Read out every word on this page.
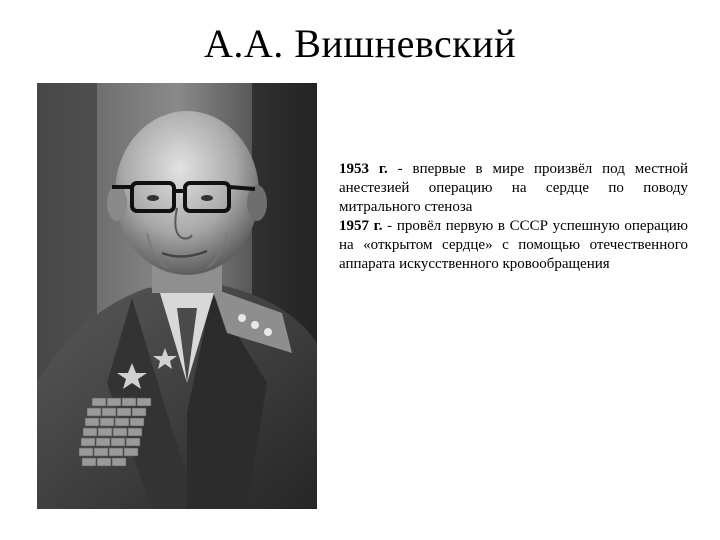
А.А. Вишневский

1953 г. - впервые в мире произвёл под местной анестезией операцию на сердце по поводу митрального стеноза

1957 г. - провёл первую в СССР успешную операцию на «открытом сердце» с помощью отечественного аппарата искусственного кровообращения
